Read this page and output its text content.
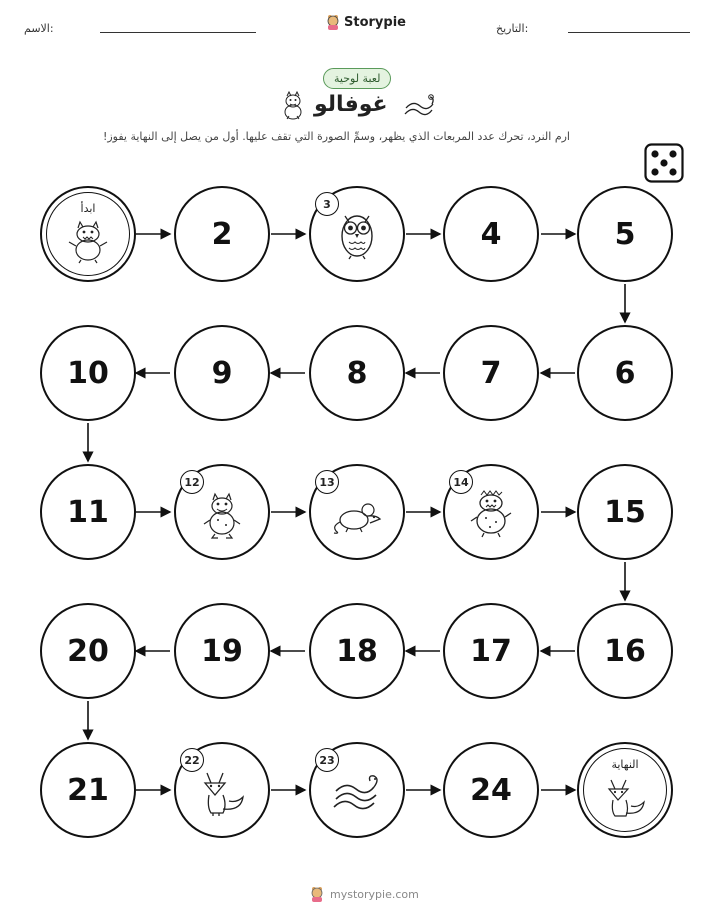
الاسم:	Storypie	التاريخ:
لعبة لوحية
غوفالو
ارم النرد، تحرك عدد المربعات الذي يظهر، وسمِّ الصورة التي تقف عليها. أول من يصل إلى النهاية يفوز!
ابدأ
2
3
4	5
10	9	8	7	6
11
12	13	14
15
20	19	18	17	16
21
22	23
24
النهاية
mystorypie.com
